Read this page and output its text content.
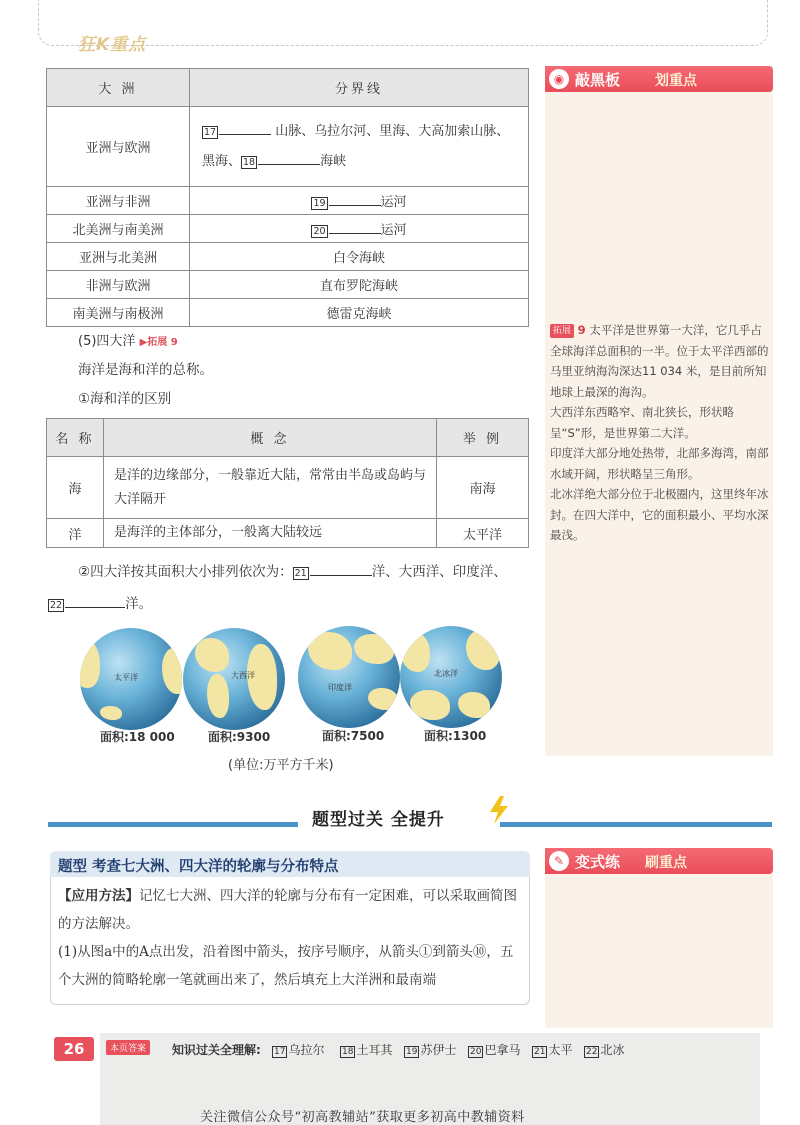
狂K重点
◉ 敲黑板 划重点
拓展 9 太平洋是世界第一大洋，它几乎占全球海洋总面积的一半。位于太平洋西部的马里亚纳海沟深达11 034 米，是目前所知地球上最深的海沟。
大西洋东西略窄、南北狭长，形状略呈“S”形，是世界第二大洋。
印度洋大部分地处热带，北部多海湾，南部水域开阔，形状略呈三角形。
北冰洋绝大部分位于北极圈内，这里终年冰封。在四大洋中，它的面积最小、平均水深最浅。
大 洲	分界线
亚洲与欧洲	17 山脉、乌拉尔河、里海、大高加索山脉、黑海、 18 海峡
亚洲与非洲	19 运河
北美洲与南美洲	20 运河
亚洲与北美洲	白令海峡
非洲与欧洲	直布罗陀海峡
南美洲与南极洲	德雷克海峡
(5)四大洋 ▶拓展 9
海洋是海和洋的总称。
①海和洋的区别
名 称	概 念	举 例
海	是洋的边缘部分，一般靠近大陆，常常由半岛或岛屿与大洋隔开	南海
洋	是海洋的主体部分，一般离大陆较远	太平洋
②四大洋按其面积大小排列依次为： 21	洋、大西洋、印度洋、
22	洋。
太平洋	大西洋
印度洋
北冰洋
面积:18 000	面积:9300	面积:7500	面积:1300
(单位:万平方千米)
题型过关 全提升
题型 考查七大洲、四大洋的轮廓与分布特点
【应用方法】记忆七大洲、四大洋的轮廓与分布有一定困难，可以采取画简图的方法解决。
(1)从图a中的A点出发，沿着图中箭头，按序号顺序，从箭头①到箭头⑩，五个大洲的简略轮廓一笔就画出来了，然后填充上大洋洲和最南端
✎ 变式练 刷重点
26	本页答案	知识过关全理解: 17 乌拉尔 18 土耳其 19 苏伊士 20 巴拿马 21 太平 22 北冰
关注微信公众号“初高教辅站”获取更多初高中教辅资料
